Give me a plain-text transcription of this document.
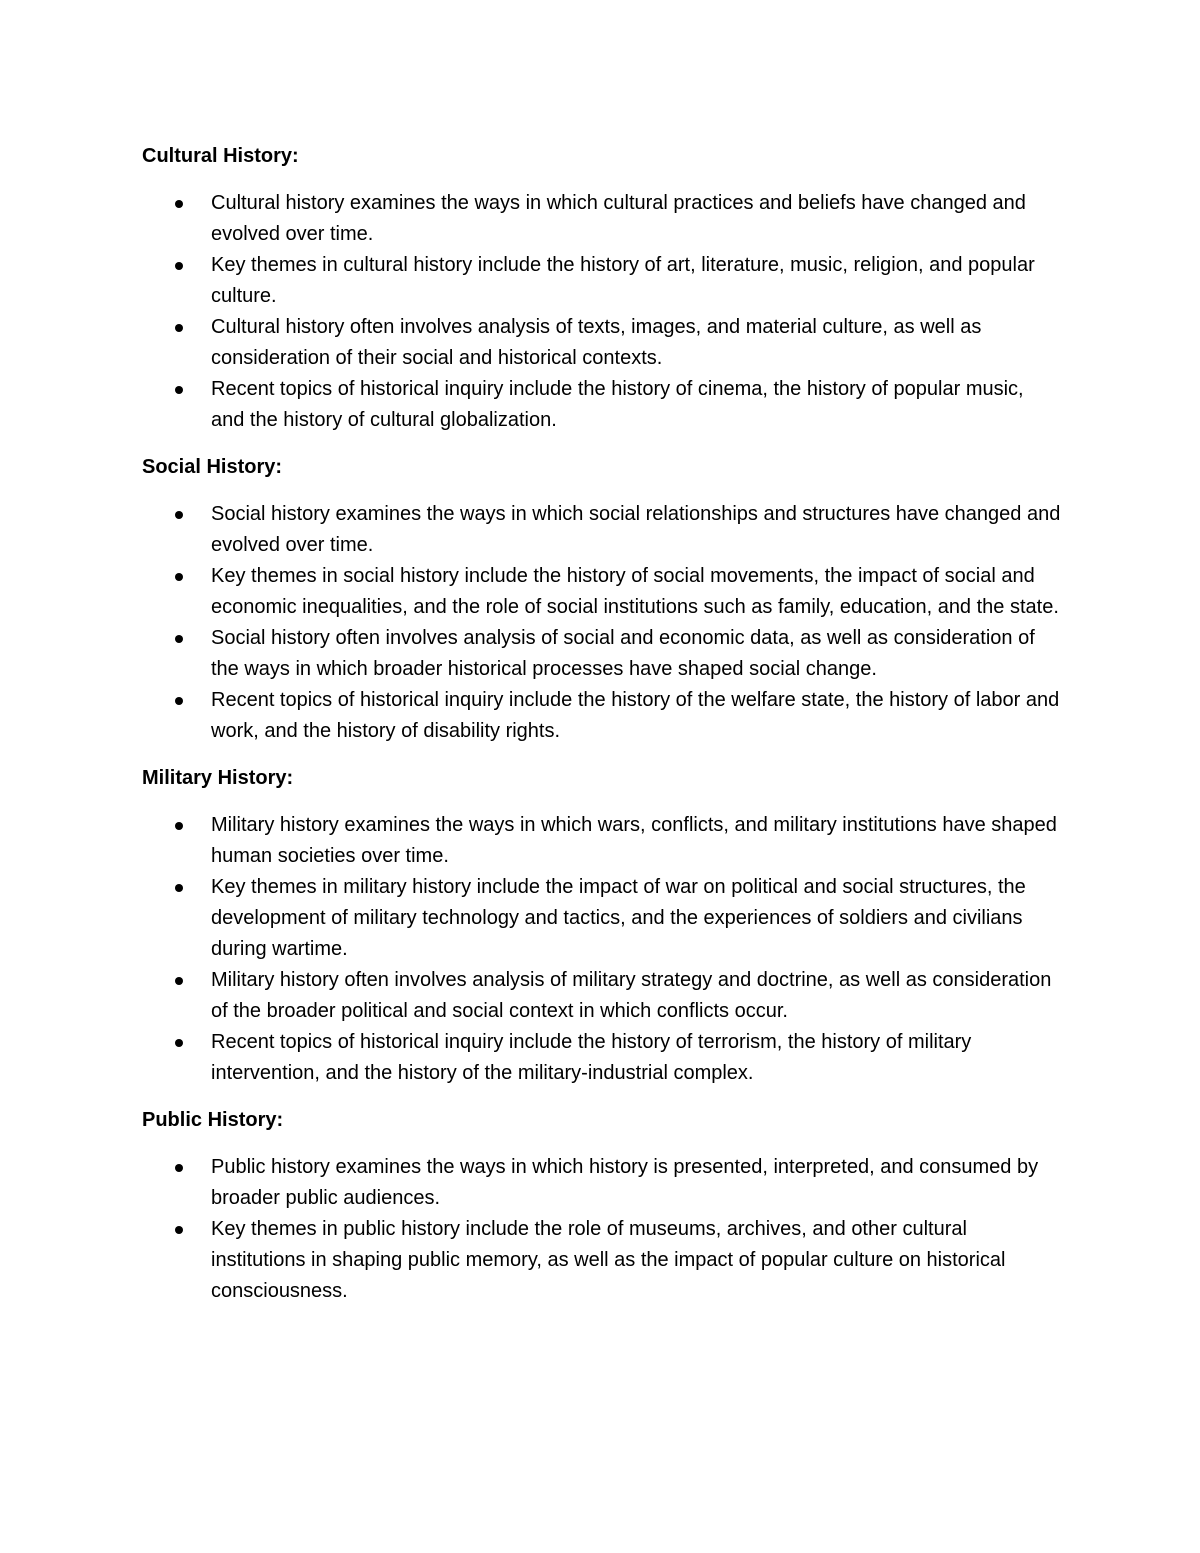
Cultural History:
Cultural history examines the ways in which cultural practices and beliefs have changed and evolved over time.
Key themes in cultural history include the history of art, literature, music, religion, and popular culture.
Cultural history often involves analysis of texts, images, and material culture, as well as consideration of their social and historical contexts.
Recent topics of historical inquiry include the history of cinema, the history of popular music, and the history of cultural globalization.
Social History:
Social history examines the ways in which social relationships and structures have changed and evolved over time.
Key themes in social history include the history of social movements, the impact of social and economic inequalities, and the role of social institutions such as family, education, and the state.
Social history often involves analysis of social and economic data, as well as consideration of the ways in which broader historical processes have shaped social change.
Recent topics of historical inquiry include the history of the welfare state, the history of labor and work, and the history of disability rights.
Military History:
Military history examines the ways in which wars, conflicts, and military institutions have shaped human societies over time.
Key themes in military history include the impact of war on political and social structures, the development of military technology and tactics, and the experiences of soldiers and civilians during wartime.
Military history often involves analysis of military strategy and doctrine, as well as consideration of the broader political and social context in which conflicts occur.
Recent topics of historical inquiry include the history of terrorism, the history of military intervention, and the history of the military-industrial complex.
Public History:
Public history examines the ways in which history is presented, interpreted, and consumed by broader public audiences.
Key themes in public history include the role of museums, archives, and other cultural institutions in shaping public memory, as well as the impact of popular culture on historical consciousness.
